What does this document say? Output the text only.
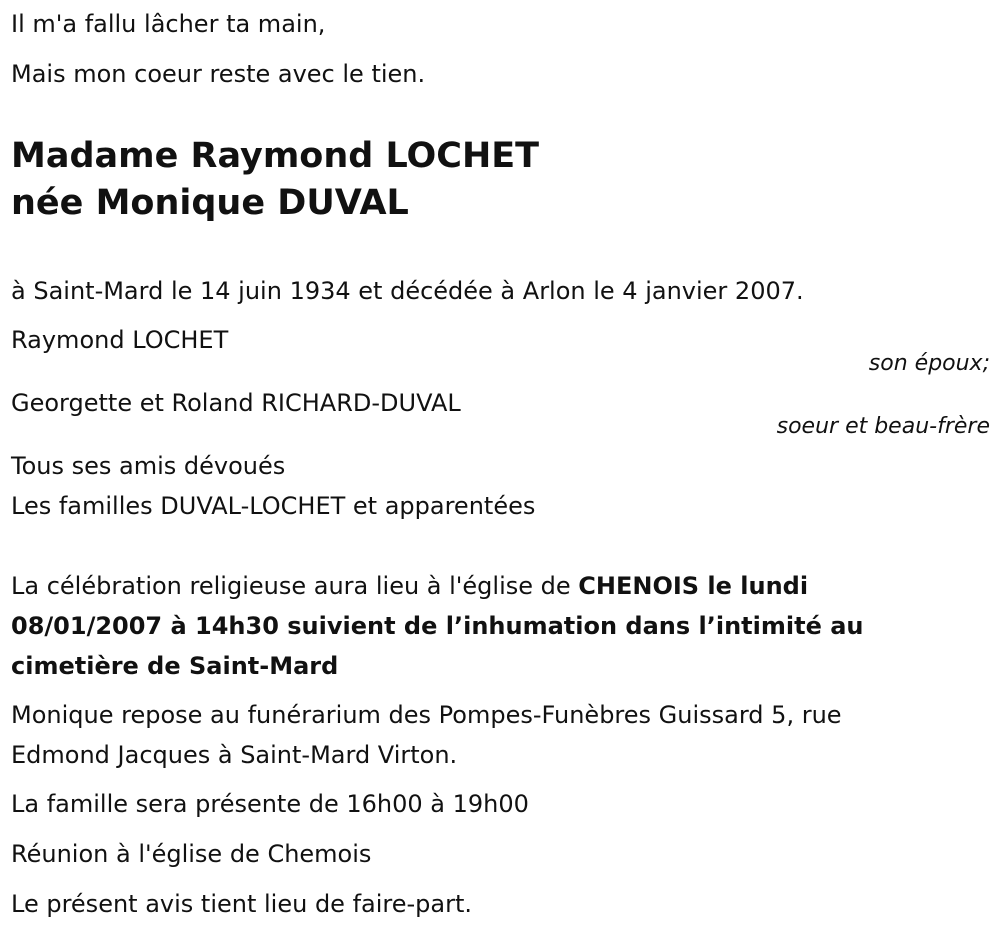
Il m'a fallu lâcher ta main,
Mais mon coeur reste avec le tien.
Madame Raymond LOCHET
née Monique DUVAL
à Saint-Mard le 14 juin 1934 et décédée à Arlon le 4 janvier 2007.
Raymond LOCHET
son époux;
Georgette et Roland RICHARD-DUVAL
soeur et beau-frère
Tous ses amis dévoués
Les familles DUVAL-LOCHET et apparentées
La célébration religieuse aura lieu à l'église de CHENOIS le lundi 08/01/2007 à 14h30 suivient de l’inhumation dans l’intimité au cimetière de Saint-Mard
Monique repose au funérarium des Pompes-Funèbres Guissard 5, rue Edmond Jacques à Saint-Mard Virton.
La famille sera présente de 16h00 à 19h00
Réunion à l'église de Chemois
Le présent avis tient lieu de faire-part.
